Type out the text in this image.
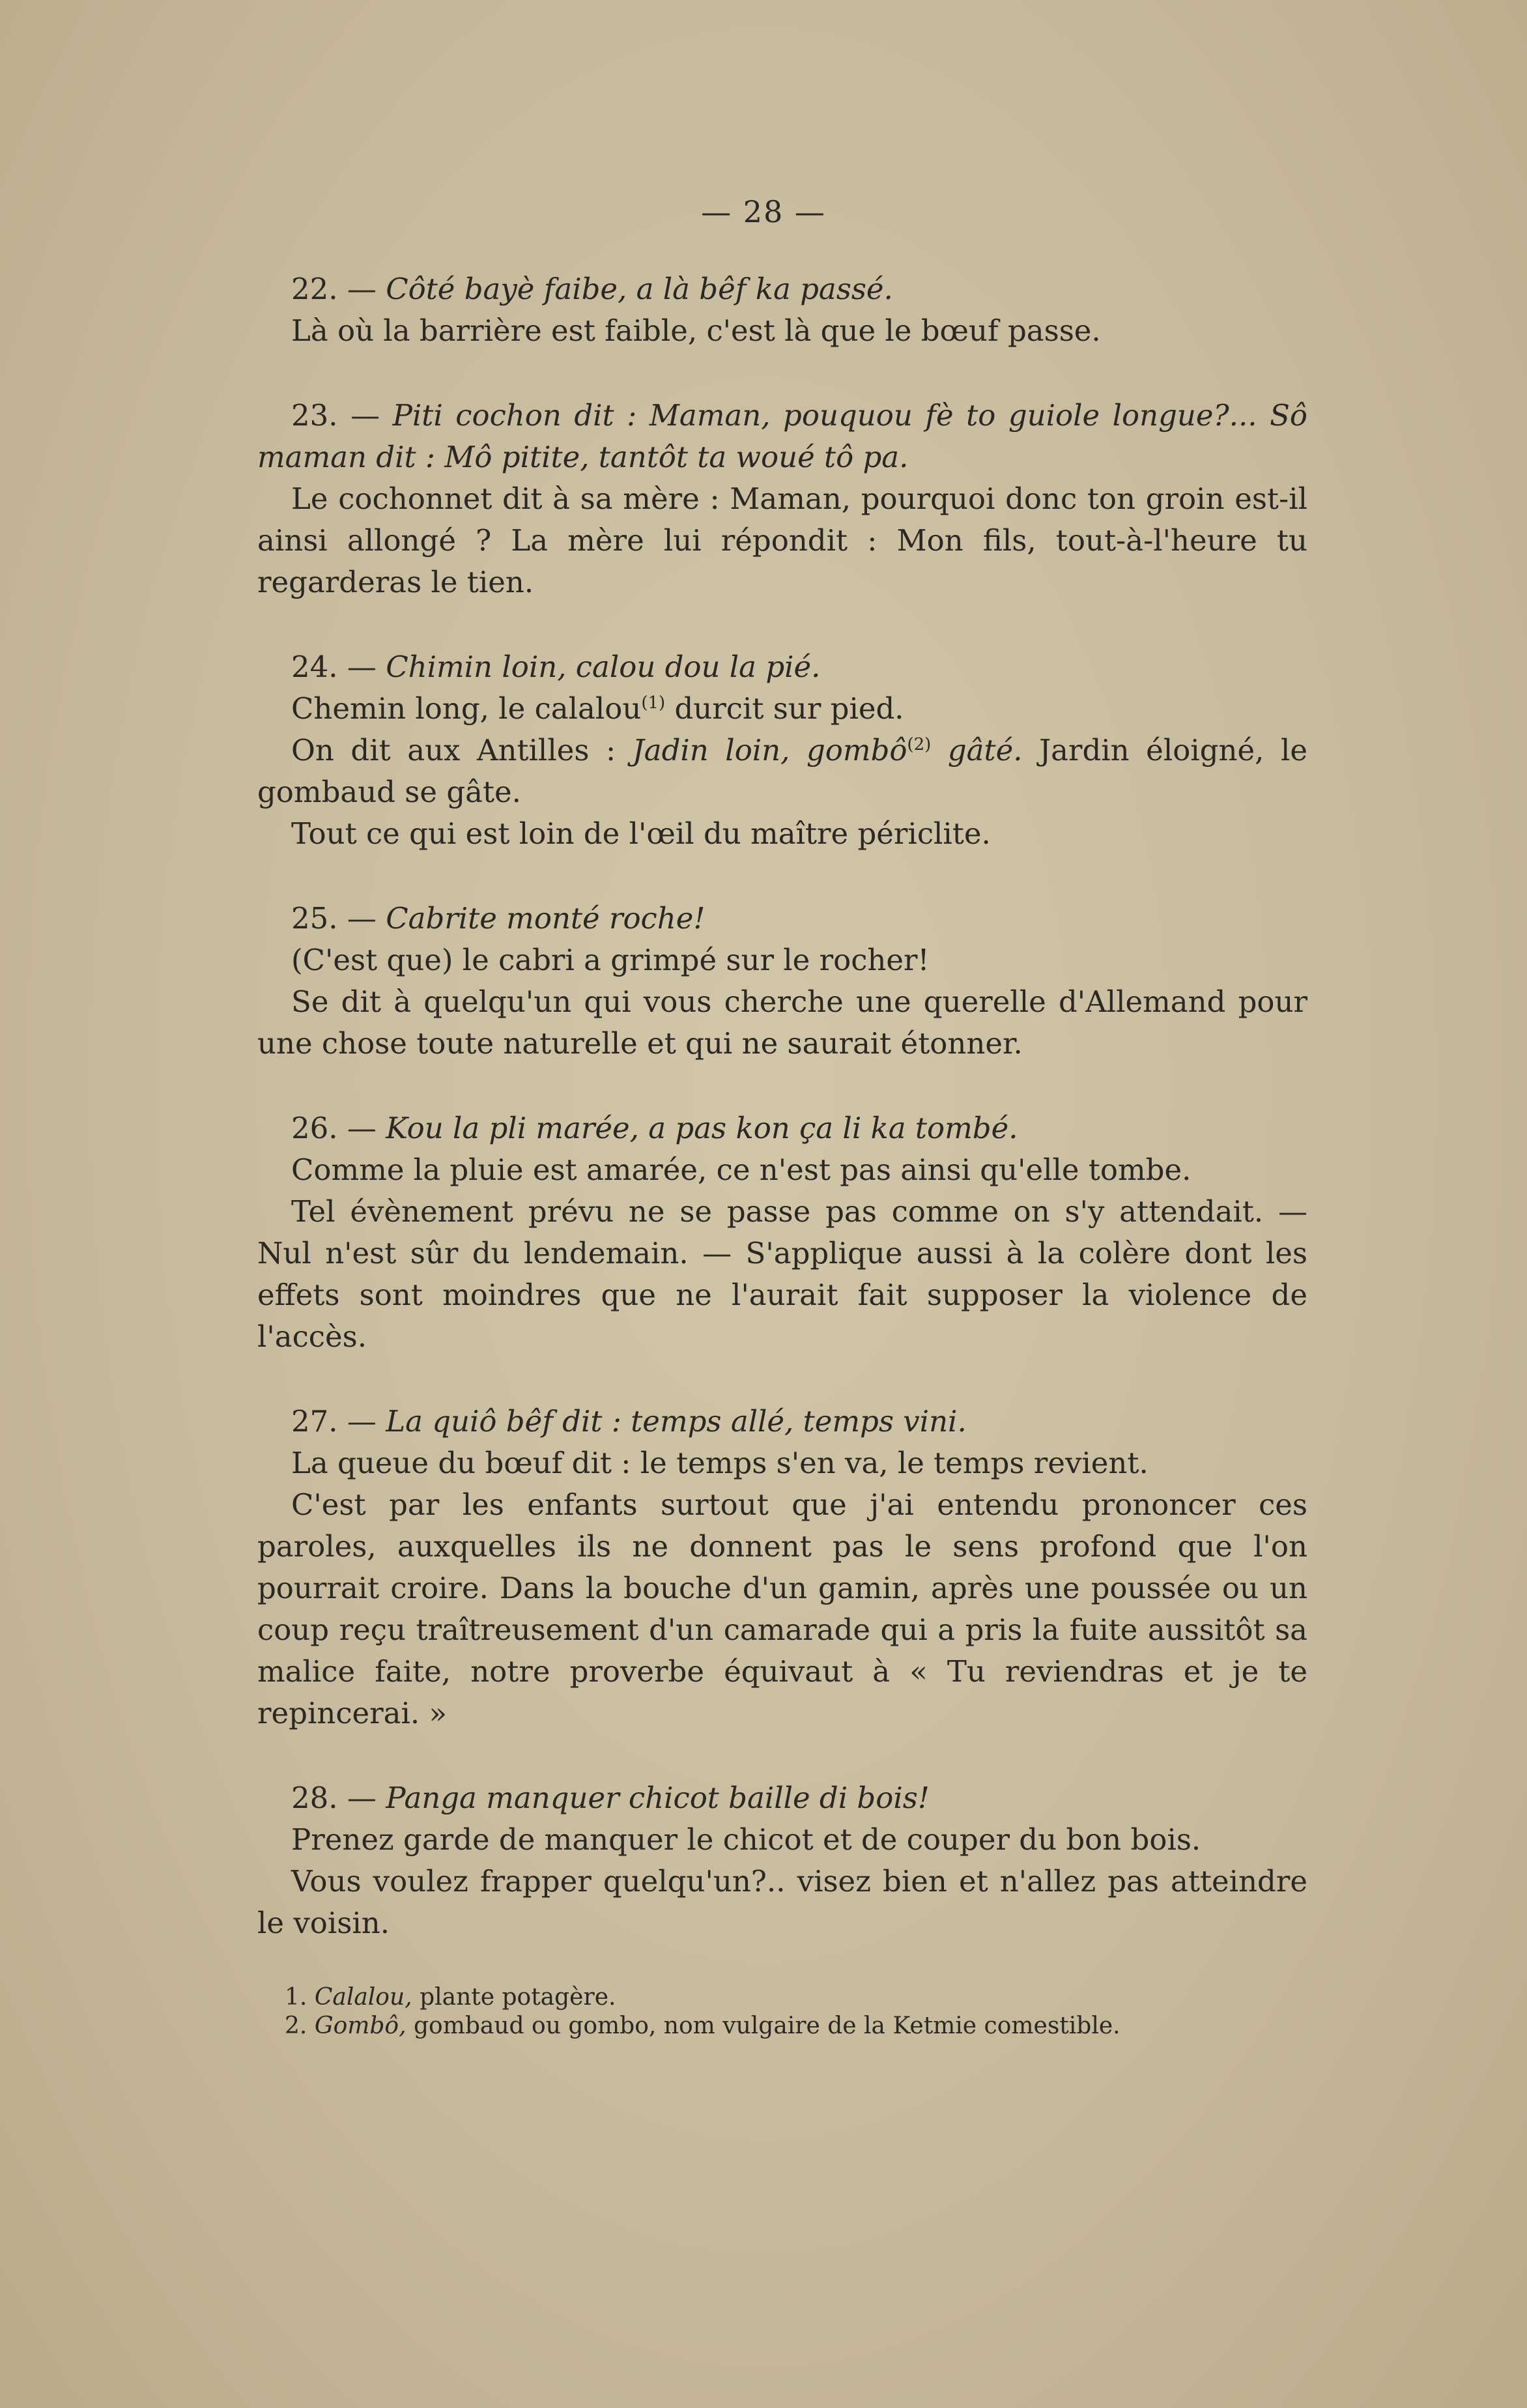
— 28 —
22. — Côté bayè faibe, a là bêf ka passé.
Là où la barrière est faible, c'est là que le bœuf passe.
23. — Piti cochon dit : Maman, pouquou fè to guiole longue?... Sô maman dit : Mô pitite, tantôt ta woué tô pa.
Le cochonnet dit à sa mère : Maman, pourquoi donc ton groin est-il ainsi allongé ? La mère lui répondit : Mon fils, tout-à-l'heure tu regarderas le tien.
24. — Chimin loin, calou dou la pié.
Chemin long, le calalou$^{(1)}$ durcit sur pied.
On dit aux Antilles : Jadin loin, gombô$^{(2)}$ gâté. Jardin éloigné, le gombaud se gâte.
Tout ce qui est loin de l'œil du maître périclite.
25. — Cabrite monté roche!
(C'est que) le cabri a grimpé sur le rocher!
Se dit à quelqu'un qui vous cherche une querelle d'Allemand pour une chose toute naturelle et qui ne saurait étonner.
26. — Kou la pli marée, a pas kon ça li ka tombé.
Comme la pluie est amarée, ce n'est pas ainsi qu'elle tombe.
Tel évènement prévu ne se passe pas comme on s'y attendait. — Nul n'est sûr du lendemain. — S'applique aussi à la colère dont les effets sont moindres que ne l'aurait fait supposer la violence de l'accès.
27. — La quiô bêf dit : temps allé, temps vini.
La queue du bœuf dit : le temps s'en va, le temps revient.
C'est par les enfants surtout que j'ai entendu prononcer ces paroles, auxquelles ils ne donnent pas le sens profond que l'on pourrait croire. Dans la bouche d'un gamin, après une poussée ou un coup reçu traîtreusement d'un camarade qui a pris la fuite aussitôt sa malice faite, notre proverbe équivaut à « Tu reviendras et je te repincerai. »
28. — Panga manquer chicot baille di bois!
Prenez garde de manquer le chicot et de couper du bon bois.
Vous voulez frapper quelqu'un?.. visez bien et n'allez pas atteindre le voisin.
1. Calalou, plante potagère.
2. Gombô, gombaud ou gombo, nom vulgaire de la Ketmie comestible.
